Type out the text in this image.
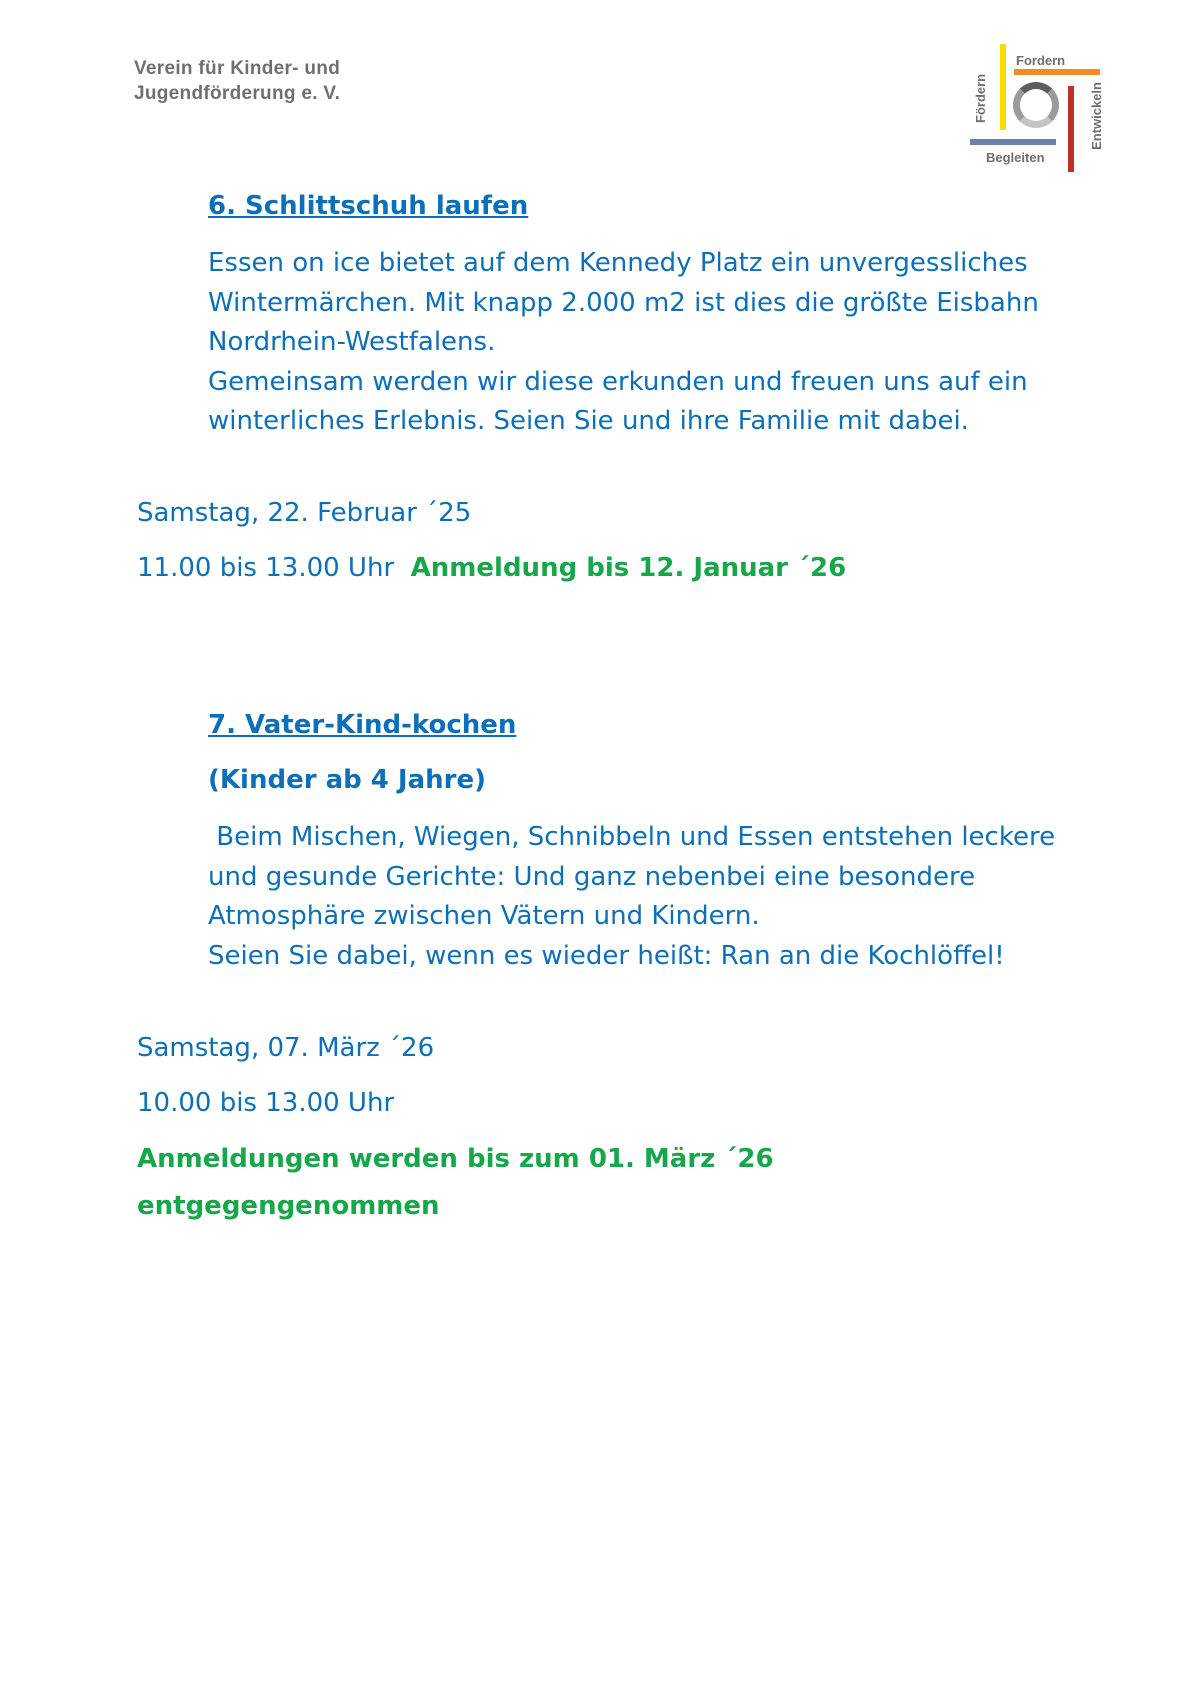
Verein für Kinder- und
Jugendförderung e. V.
Fordern
Begleiten
Fördern	Entwickeln
6. Schlittschuh laufen
Essen on ice bietet auf dem Kennedy Platz ein unvergessliches
Wintermärchen. Mit knapp 2.000 m2 ist dies die größte Eisbahn
Nordrhein-Westfalens.
Gemeinsam werden wir diese erkunden und freuen uns auf ein
winterliches Erlebnis. Seien Sie und ihre Familie mit dabei.
Samstag, 22. Februar ´25
11.00 bis 13.00 Uhr Anmeldung bis 12. Januar ´26
7. Vater-Kind-kochen
(Kinder ab 4 Jahre)
Beim Mischen, Wiegen, Schnibbeln und Essen entstehen leckere
und gesunde Gerichte: Und ganz nebenbei eine besondere
Atmosphäre zwischen Vätern und Kindern.
Seien Sie dabei, wenn es wieder heißt: Ran an die Kochlöffel!
Samstag, 07. März ´26
10.00 bis 13.00 Uhr
Anmeldungen werden bis zum 01. März ´26
entgegengenommen
